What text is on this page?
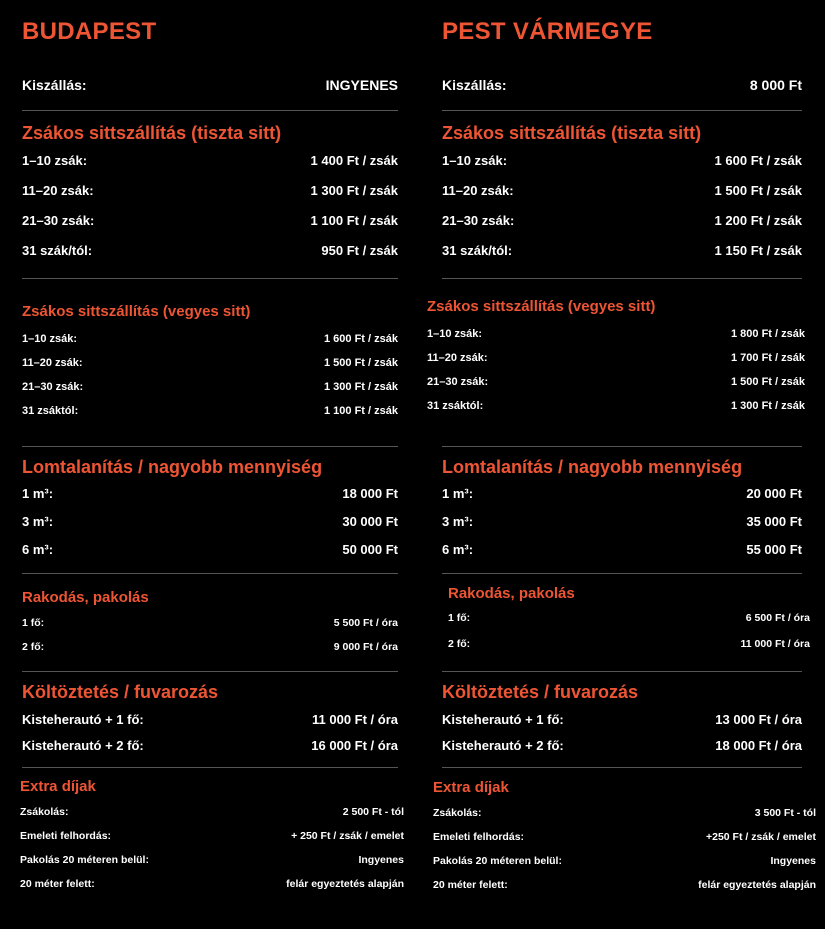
BUDAPEST
Kiszállás:	INGYENES
Zsákos sittszállítás (tiszta sitt)
1–10 zsák:	1 400 Ft / zsák
11–20 zsák:	1 300 Ft / zsák
21–30 zsák:	1 100 Ft / zsák
31 szák/tól:	950 Ft / zsák
Zsákos sittszállítás (vegyes sitt)
1–10 zsák:	1 600 Ft / zsák
11–20 zsák:	1 500 Ft / zsák
21–30 zsák:	1 300 Ft / zsák
31 zsáktól:	1 100 Ft / zsák
Lomtalanítás / nagyobb mennyiség
1 m³:	18 000 Ft
3 m³:	30 000 Ft
6 m³:	50 000 Ft
Rakodás, pakolás
1 fő:	5 500 Ft / óra
2 fő:	9 000 Ft / óra
Költöztetés / fuvarozás
Kisteherautó + 1 fő:	11 000 Ft / óra
Kisteherautó + 2 fő:	16 000 Ft / óra
Extra díjak
Zsákolás:	2 500 Ft - tól
Emeleti felhordás:	+ 250 Ft / zsák / emelet
Pakolás 20 méteren belül:	Ingyenes
20 méter felett:	felár egyeztetés alapján
PEST VÁRMEGYE
Kiszállás:	8 000 Ft
Zsákos sittszállítás (tiszta sitt)
1–10 zsák:	1 600 Ft / zsák
11–20 zsák:	1 500 Ft / zsák
21–30 zsák:	1 200 Ft / zsák
31 szák/tól:	1 150 Ft / zsák
Zsákos sittszállítás (vegyes sitt)
1–10 zsák:	1 800 Ft / zsák
11–20 zsák:	1 700 Ft / zsák
21–30 zsák:	1 500 Ft / zsák
31 zsáktól:	1 300 Ft / zsák
Lomtalanítás / nagyobb mennyiség
1 m³:	20 000 Ft
3 m³:	35 000 Ft
6 m³:	55 000 Ft
Rakodás, pakolás
1 fő:	6 500 Ft / óra
2 fő:	11 000 Ft / óra
Költöztetés / fuvarozás
Kisteherautó + 1 fő:	13 000 Ft / óra
Kisteherautó + 2 fő:	18 000 Ft / óra
Extra díjak
Zsákolás:	3 500 Ft - tól
Emeleti felhordás:	+250 Ft / zsák / emelet
Pakolás 20 méteren belül:	Ingyenes
20 méter felett:	felár egyeztetés alapján
